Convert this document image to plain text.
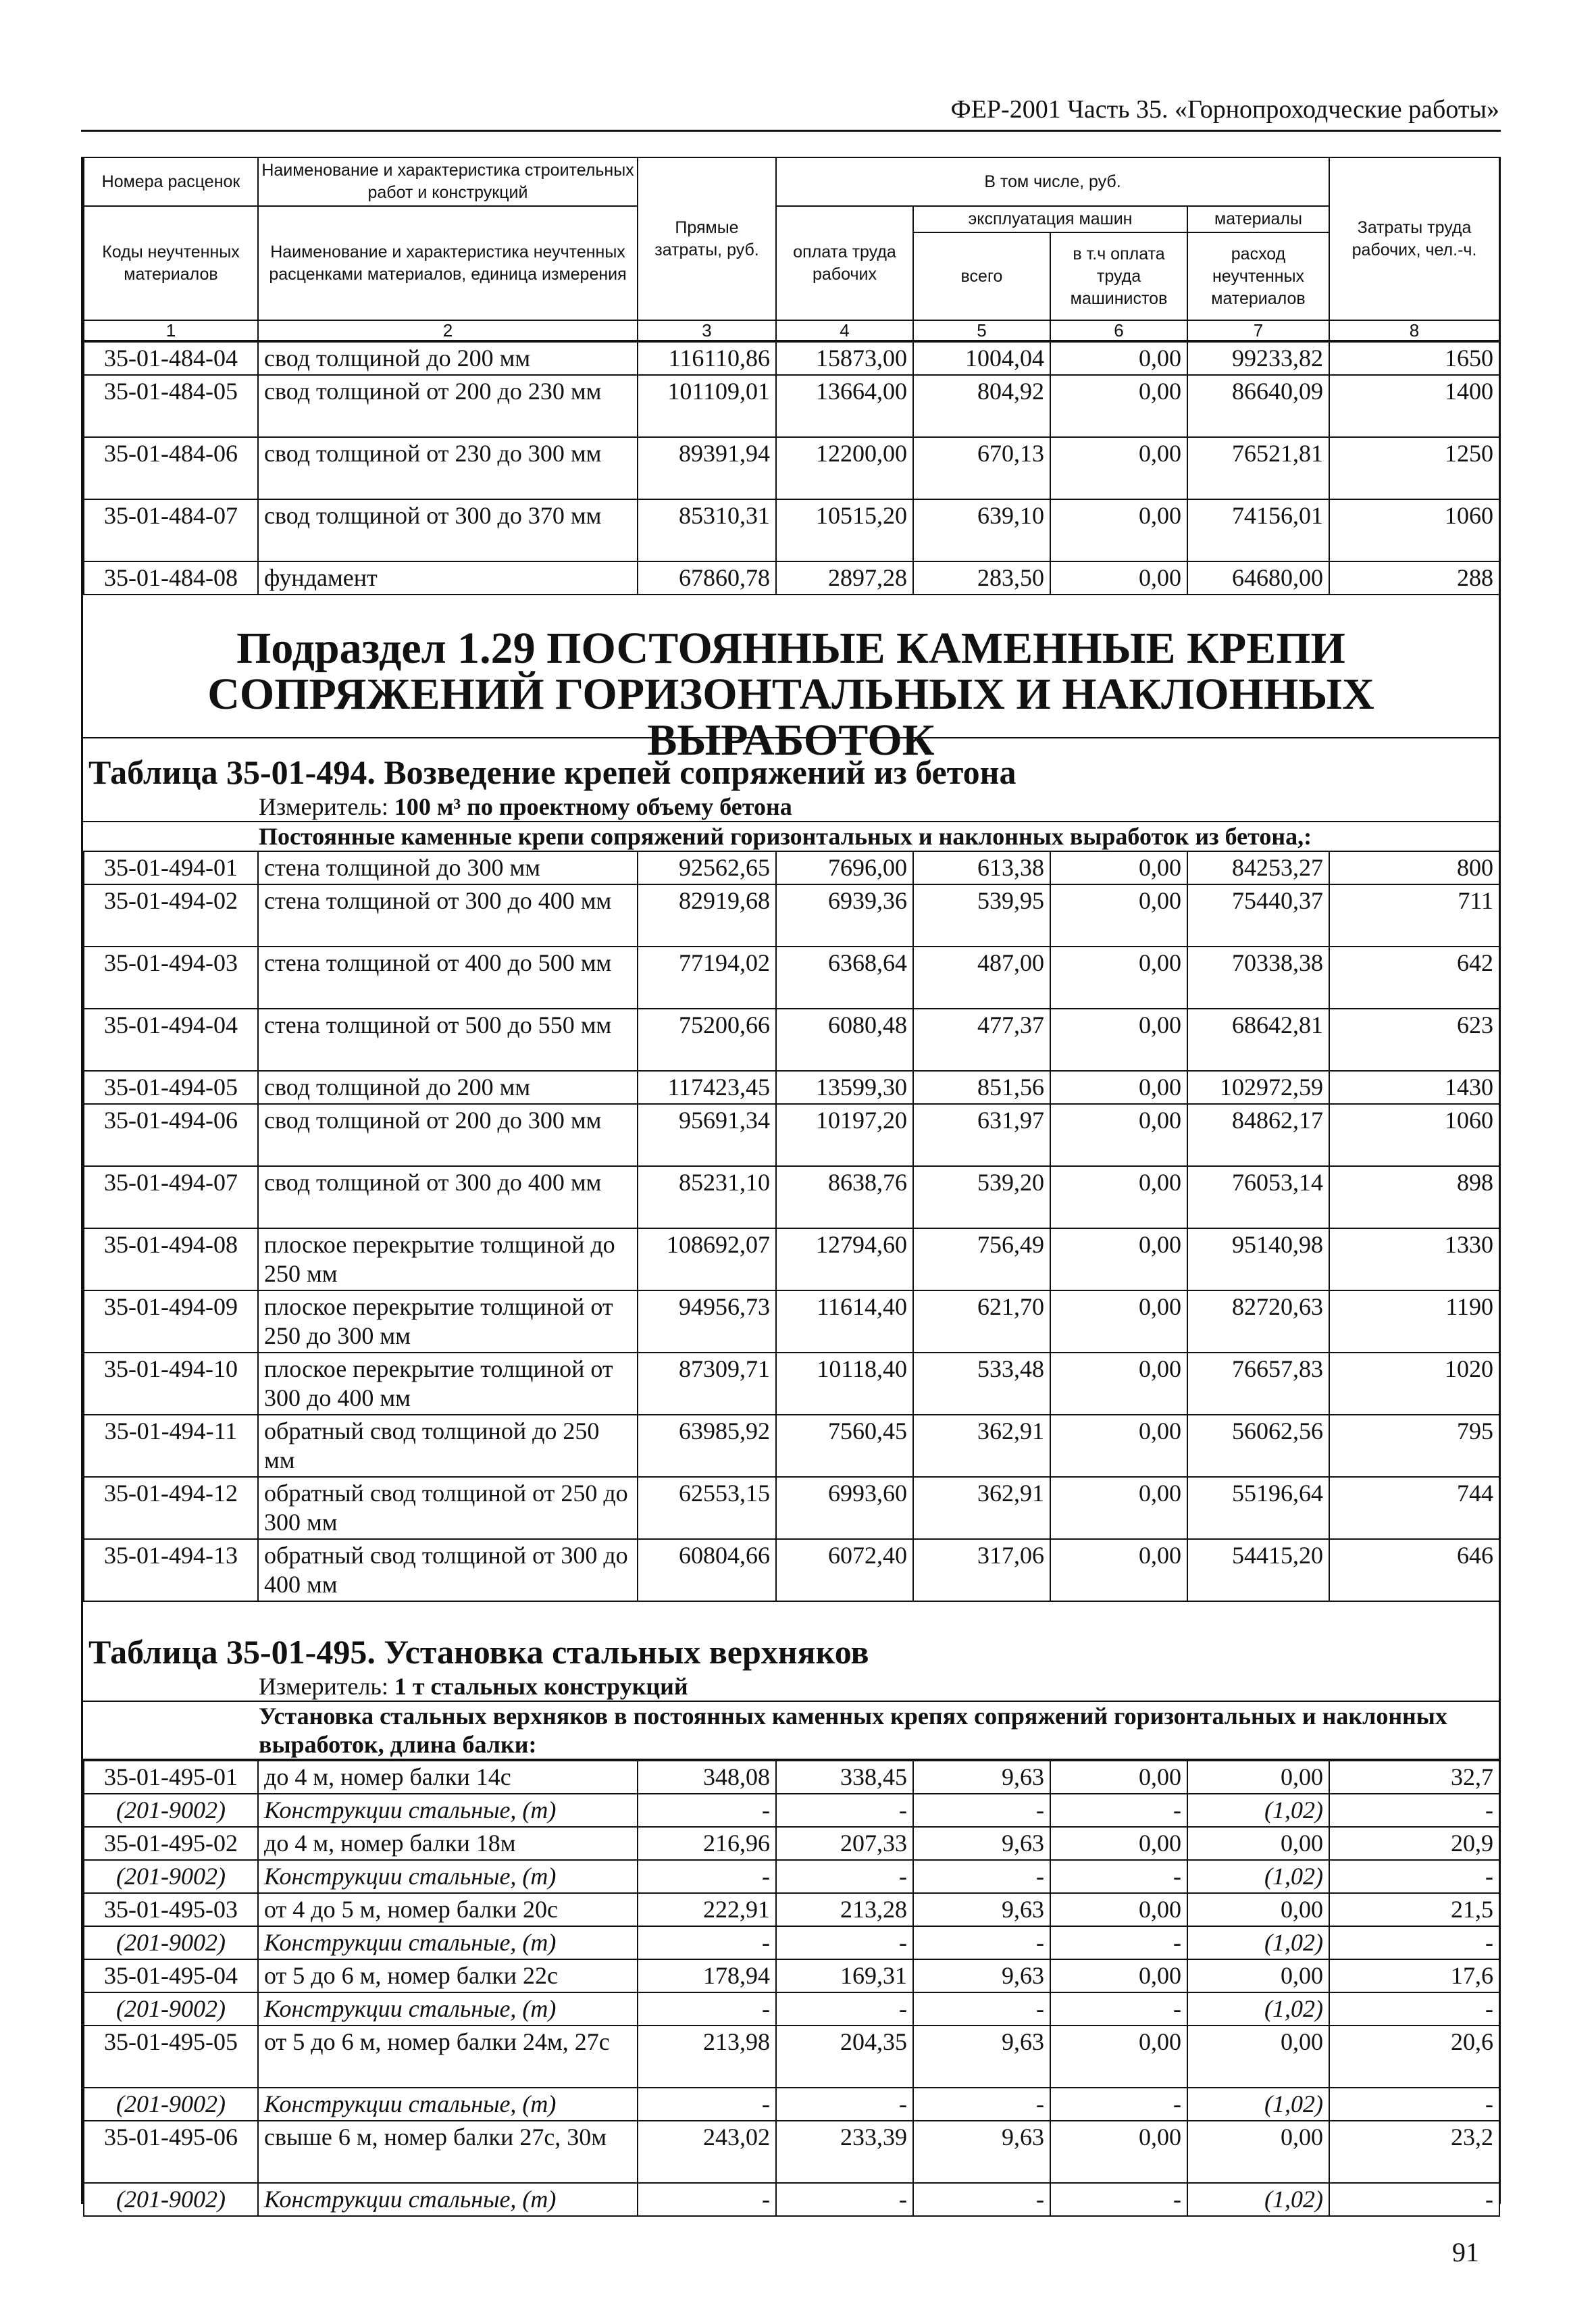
ФЕР-2001 Часть 35. «Горнопроходческие работы»
Номера расценок	Наименование и характеристика строительных работ и конструкций	Прямые затраты, руб.	В том числе, руб.				Затраты труда рабочих, чел.-ч.
Коды неучтенных материалов	Наименование и характеристика неучтенных расценками материалов, единица измерения		оплата труда рабочих	эксплуатация машин		материалы	
				всего	в т.ч оплата труда машинистов	расход неучтенных материалов	
1	2	3	4	5	6	7	8
35-01-484-04	свод толщиной до 200 мм	116110,86	15873,00	1004,04	0,00	99233,82	1650
35-01-484-05	свод толщиной от 200 до 230 мм	101109,01	13664,00	804,92	0,00	86640,09	1400
35-01-484-06	свод толщиной от 230 до 300 мм	89391,94	12200,00	670,13	0,00	76521,81	1250
35-01-484-07	свод толщиной от 300 до 370 мм	85310,31	10515,20	639,10	0,00	74156,01	1060
35-01-484-08	фундамент	67860,78	2897,28	283,50	0,00	64680,00	288
Подраздел 1.29 ПОСТОЯННЫЕ КАМЕННЫЕ КРЕПИ СОПРЯЖЕНИЙ ГОРИЗОНТАЛЬНЫХ И НАКЛОННЫХ ВЫРАБОТОК
Таблица 35-01-494. Возведение крепей сопряжений из бетона
Измеритель: 100 м³ по проектному объему бетона
Постоянные каменные крепи сопряжений горизонтальных и наклонных выработок из бетона,:
35-01-494-01	стена толщиной до 300 мм	92562,65	7696,00	613,38	0,00	84253,27	800
35-01-494-02	стена толщиной от 300 до 400 мм	82919,68	6939,36	539,95	0,00	75440,37	711
35-01-494-03	стена толщиной от 400 до 500 мм	77194,02	6368,64	487,00	0,00	70338,38	642
35-01-494-04	стена толщиной от 500 до 550 мм	75200,66	6080,48	477,37	0,00	68642,81	623
35-01-494-05	свод толщиной до 200 мм	117423,45	13599,30	851,56	0,00	102972,59	1430
35-01-494-06	свод толщиной от 200 до 300 мм	95691,34	10197,20	631,97	0,00	84862,17	1060
35-01-494-07	свод толщиной от 300 до 400 мм	85231,10	8638,76	539,20	0,00	76053,14	898
35-01-494-08	плоское перекрытие толщиной до 250 мм	108692,07	12794,60	756,49	0,00	95140,98	1330
35-01-494-09	плоское перекрытие толщиной от 250 до 300 мм	94956,73	11614,40	621,70	0,00	82720,63	1190
35-01-494-10	плоское перекрытие толщиной от 300 до 400 мм	87309,71	10118,40	533,48	0,00	76657,83	1020
35-01-494-11	обратный свод толщиной до 250 мм	63985,92	7560,45	362,91	0,00	56062,56	795
35-01-494-12	обратный свод толщиной от 250 до 300 мм	62553,15	6993,60	362,91	0,00	55196,64	744
35-01-494-13	обратный свод толщиной от 300 до 400 мм	60804,66	6072,40	317,06	0,00	54415,20	646
Таблица 35-01-495. Установка стальных верхняков
Измеритель: 1 т стальных конструкций
Установка стальных верхняков в постоянных каменных крепях сопряжений горизонтальных и наклонных выработок, длина балки:
35-01-495-01	до 4 м, номер балки 14с	348,08	338,45	9,63	0,00	0,00	32,7
(201-9002)	Конструкции стальные, (т)	-	-	-	-	(1,02)	-
35-01-495-02	до 4 м, номер балки 18м	216,96	207,33	9,63	0,00	0,00	20,9
(201-9002)	Конструкции стальные, (т)	-	-	-	-	(1,02)	-
35-01-495-03	от 4 до 5 м, номер балки 20с	222,91	213,28	9,63	0,00	0,00	21,5
(201-9002)	Конструкции стальные, (т)	-	-	-	-	(1,02)	-
35-01-495-04	от 5 до 6 м, номер балки 22с	178,94	169,31	9,63	0,00	0,00	17,6
(201-9002)	Конструкции стальные, (т)	-	-	-	-	(1,02)	-
35-01-495-05	от 5 до 6 м, номер балки 24м, 27с	213,98	204,35	9,63	0,00	0,00	20,6
(201-9002)	Конструкции стальные, (т)	-	-	-	-	(1,02)	-
35-01-495-06	свыше 6 м, номер балки 27с, 30м	243,02	233,39	9,63	0,00	0,00	23,2
(201-9002)	Конструкции стальные, (т)	-	-	-	-	(1,02)	-
91
